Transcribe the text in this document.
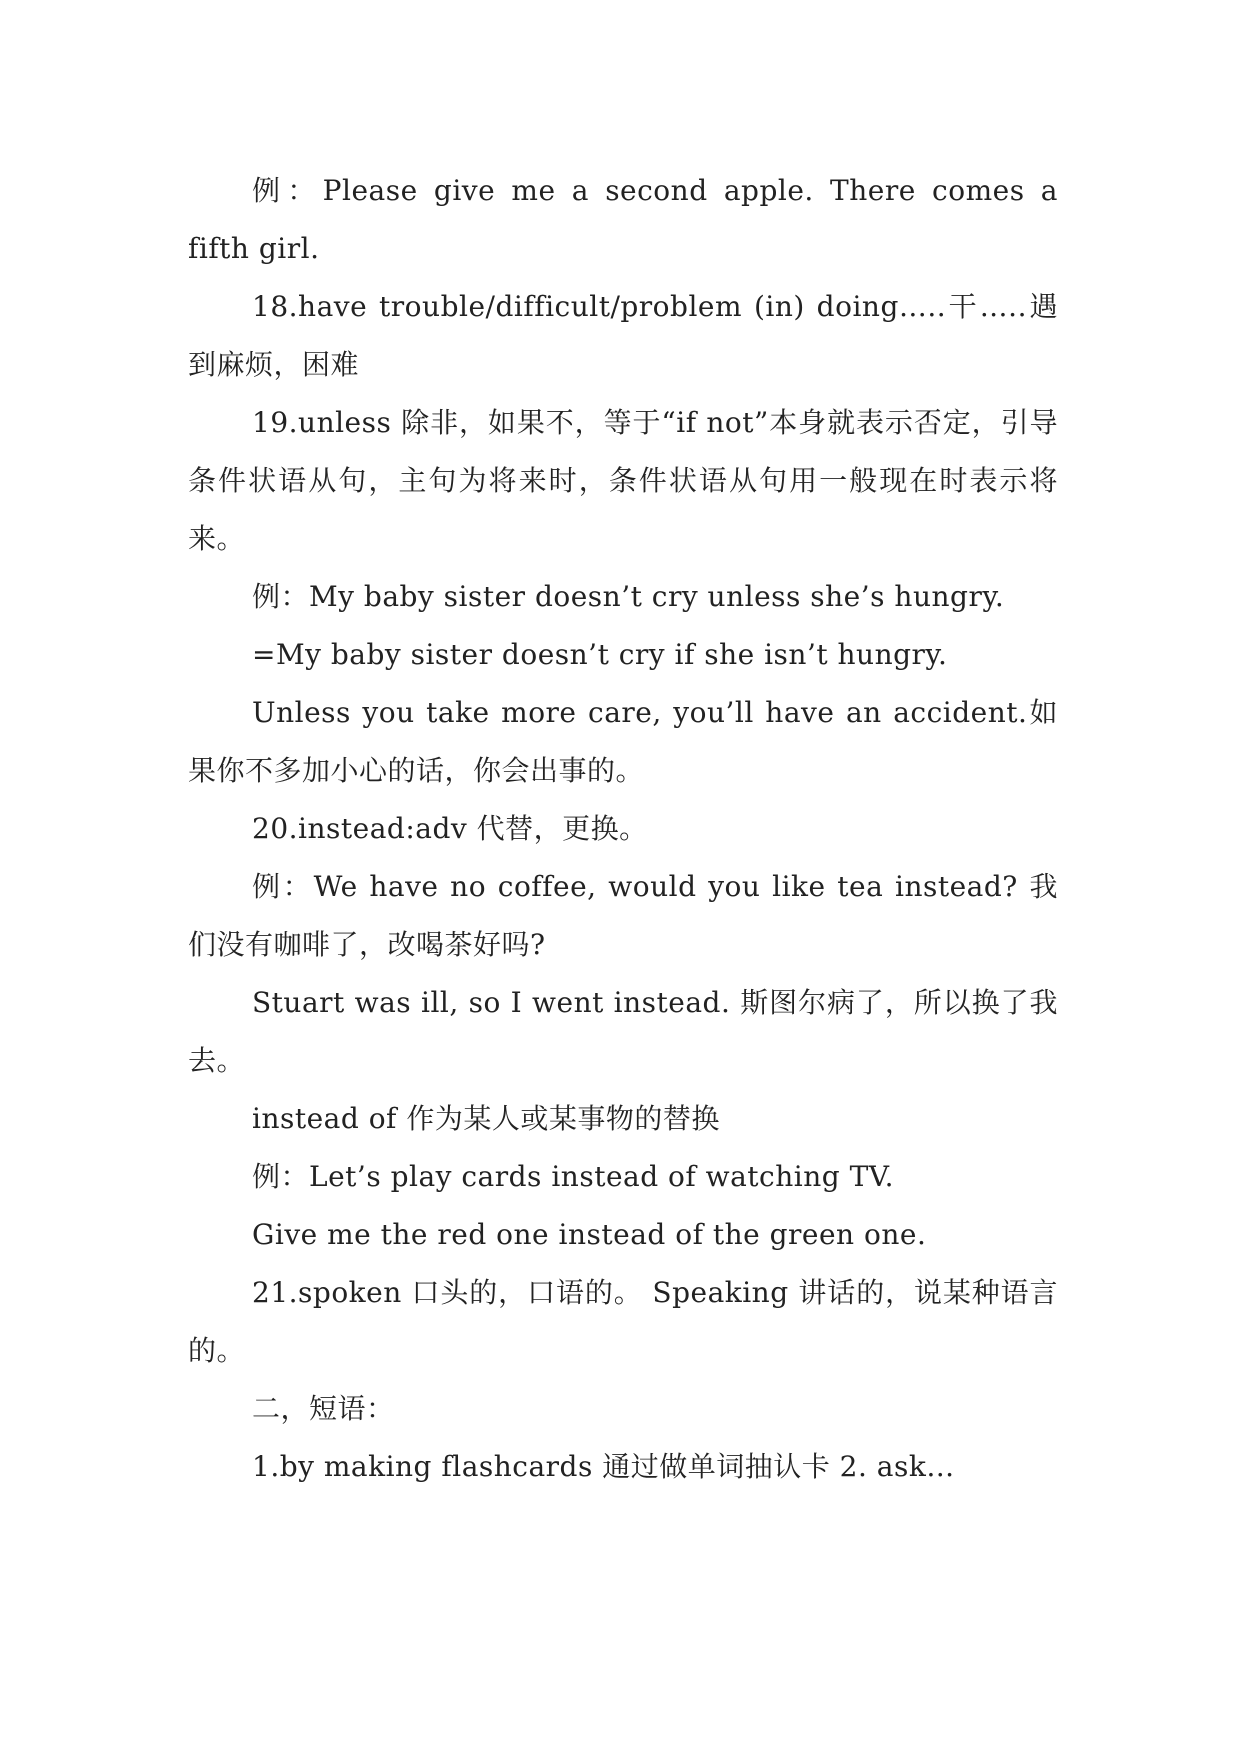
例：Please give me a second apple. There comes a fifth girl.

18.have trouble/difficult/problem (in) doing…..干…..遇到麻烦，困难

19.unless 除非，如果不，等于“if not”本身就表示否定，引导条件状语从句，主句为将来时，条件状语从句用一般现在时表示将来。

例：My baby sister doesn’t cry unless she’s hungry.

=My baby sister doesn’t cry if she isn’t hungry.

Unless you take more care, you’ll have an accident.如果你不多加小心的话，你会出事的。

20.instead:adv 代替，更换。

例：We have no coffee, would you like tea instead? 我们没有咖啡了，改喝茶好吗?

Stuart was ill, so I went instead. 斯图尔病了，所以换了我去。

instead of 作为某人或某事物的替换

例：Let’s play cards instead of watching TV.

Give me the red one instead of the green one.

21.spoken 口头的，口语的。 Speaking 讲话的，说某种语言的。

二，短语：

1.by making flashcards 通过做单词抽认卡 2. ask…
